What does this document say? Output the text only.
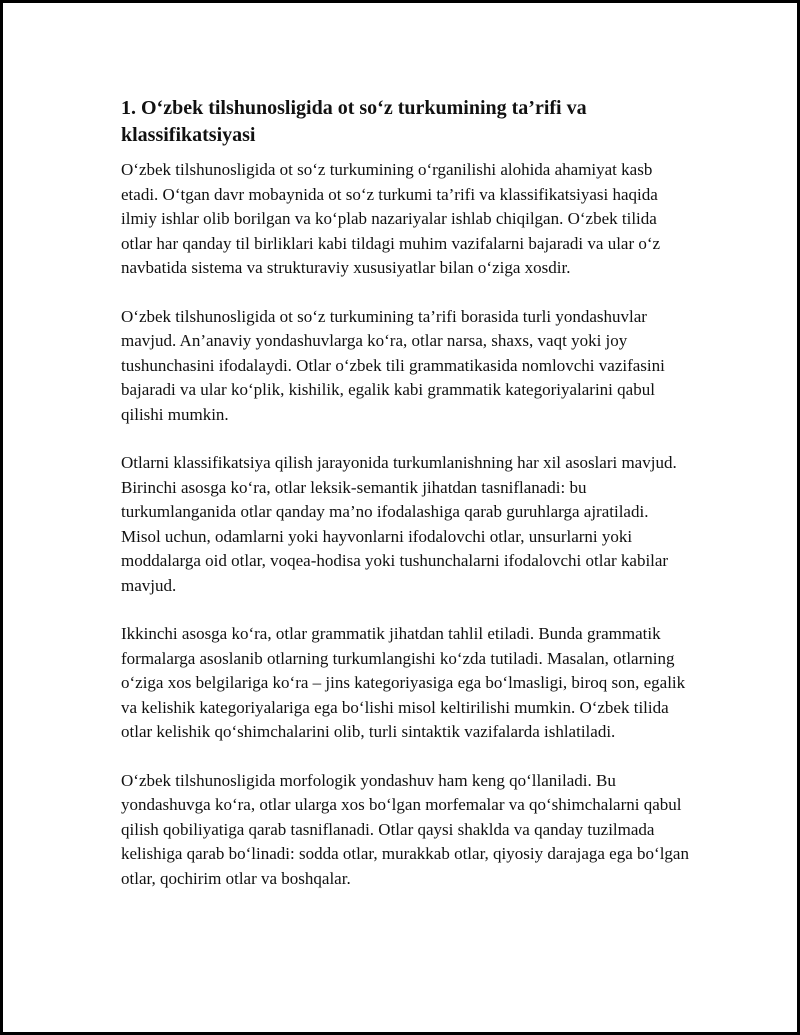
1. O‘zbek tilshunosligida ot so‘z turkumining ta’rifi va klassifikatsiyasi

O‘zbek tilshunosligida ot so‘z turkumining o‘rganilishi alohida ahamiyat kasb etadi. O‘tgan davr mobaynida ot so‘z turkumi ta’rifi va klassifikatsiyasi haqida ilmiy ishlar olib borilgan va ko‘plab nazariyalar ishlab chiqilgan. O‘zbek tilida otlar har qanday til birliklari kabi tildagi muhim vazifalarni bajaradi va ular o‘z navbatida sistema va strukturaviy xususiyatlar bilan o‘ziga xosdir.

O‘zbek tilshunosligida ot so‘z turkumining ta’rifi borasida turli yondashuvlar mavjud. An’anaviy yondashuvlarga ko‘ra, otlar narsa, shaxs, vaqt yoki joy tushunchasini ifodalaydi. Otlar o‘zbek tili grammatikasida nomlovchi vazifasini bajaradi va ular ko‘plik, kishilik, egalik kabi grammatik kategoriyalarini qabul qilishi mumkin.

Otlarni klassifikatsiya qilish jarayonida turkumlanishning har xil asoslari mavjud. Birinchi asosga ko‘ra, otlar leksik-semantik jihatdan tasniflanadi: bu turkumlanganida otlar qanday ma’no ifodalashiga qarab guruhlarga ajratiladi. Misol uchun, odamlarni yoki hayvonlarni ifodalovchi otlar, unsurlarni yoki moddalarga oid otlar, voqea-hodisa yoki tushunchalarni ifodalovchi otlar kabilar mavjud.

Ikkinchi asosga ko‘ra, otlar grammatik jihatdan tahlil etiladi. Bunda grammatik formalarga asoslanib otlarning turkumlangishi ko‘zda tutiladi. Masalan, otlarning o‘ziga xos belgilariga ko‘ra – jins kategoriyasiga ega bo‘lmasligi, biroq son, egalik va kelishik kategoriyalariga ega bo‘lishi misol keltirilishi mumkin. O‘zbek tilida otlar kelishik qo‘shimchalarini olib, turli sintaktik vazifalarda ishlatiladi.

O‘zbek tilshunosligida morfologik yondashuv ham keng qo‘llaniladi. Bu yondashuvga ko‘ra, otlar ularga xos bo‘lgan morfemalar va qo‘shimchalarni qabul qilish qobiliyatiga qarab tasniflanadi. Otlar qaysi shaklda va qanday tuzilmada kelishiga qarab bo‘linadi: sodda otlar, murakkab otlar, qiyosiy darajaga ega bo‘lgan otlar, qochirim otlar va boshqalar.
